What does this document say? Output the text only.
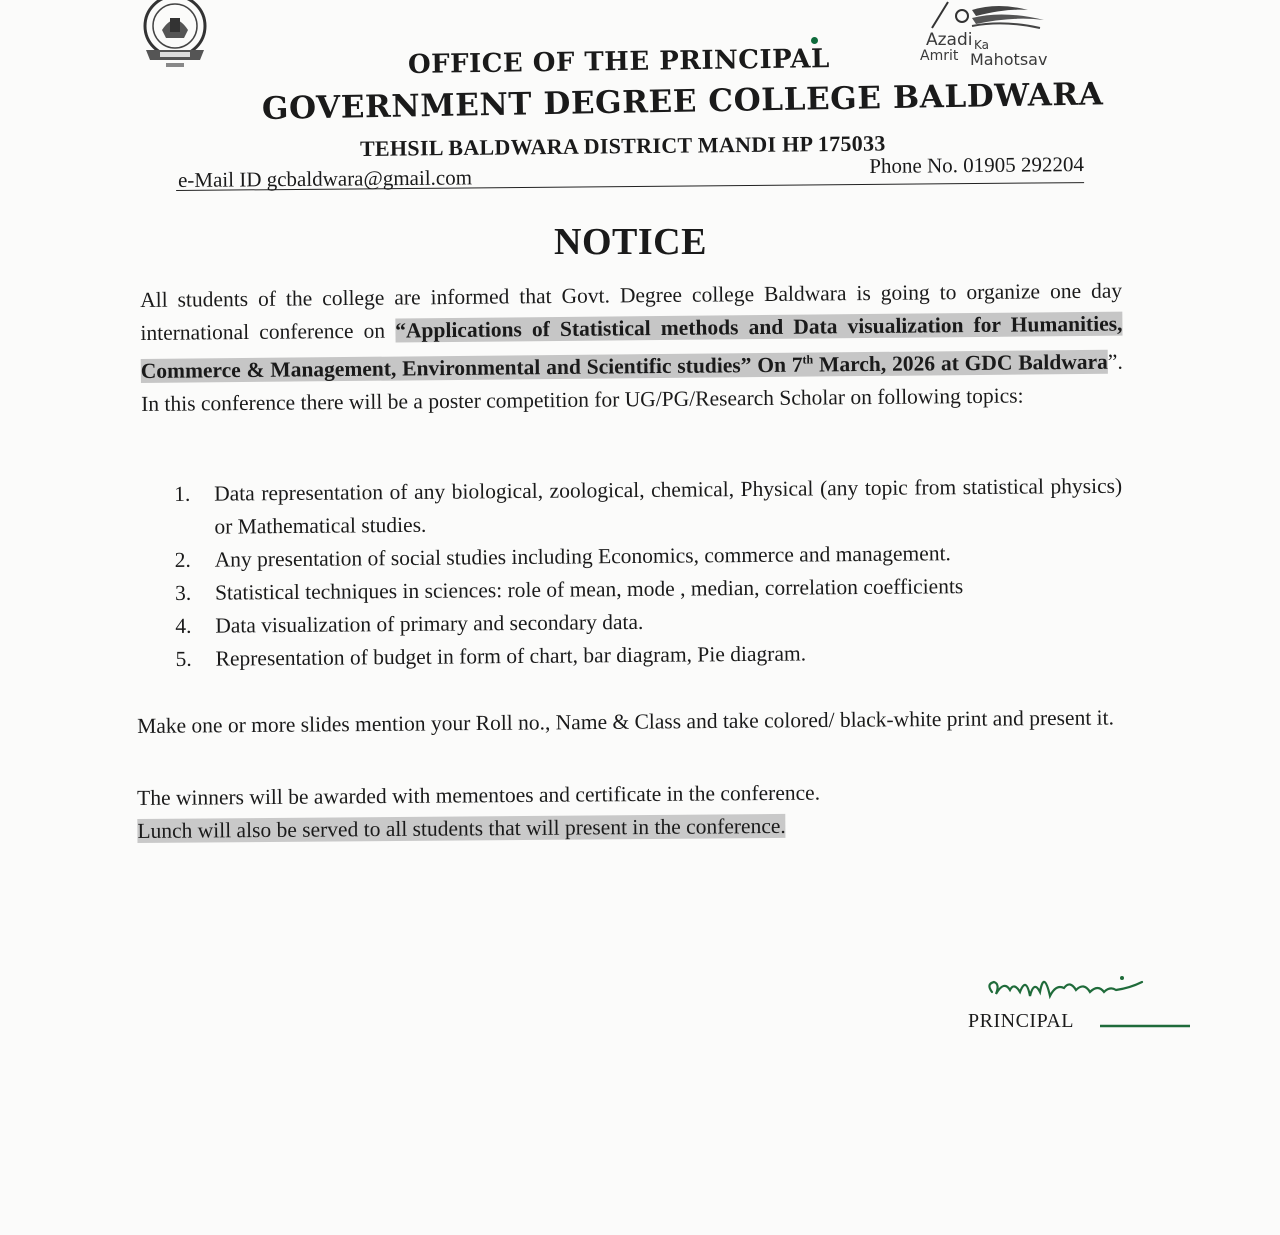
Azadi Ka
Amrit Mahotsav
OFFICE OF THE PRINCIPAL
GOVERNMENT DEGREE COLLEGE BALDWARA
TEHSIL BALDWARA DISTRICT MANDI HP 175033
e-Mail ID gcbaldwara@gmail.com
Phone No. 01905 292204
NOTICE
All students of the college are informed that Govt. Degree college Baldwara is going to organize one day international conference on “Applications of Statistical methods and Data visualization for Humanities, Commerce & Management, Environmental and Scientific studies” On 7th March, 2026 at GDC Baldwara”. In this conference there will be a poster competition for UG/PG/Research Scholar on following topics:
1.	Data representation of any biological, zoological, chemical, Physical (any topic from statistical physics) or Mathematical studies.
2.	Any presentation of social studies including Economics, commerce and management.
3.	Statistical techniques in sciences: role of mean, mode , median, correlation coefficients
4.	Data visualization of primary and secondary data.
5.	Representation of budget in form of chart, bar diagram, Pie diagram.
Make one or more slides mention your Roll no., Name & Class and take colored/ black-white print and present it.
The winners will be awarded with mementoes and certificate in the conference.
Lunch will also be served to all students that will present in the conference.
PRINCIPAL
